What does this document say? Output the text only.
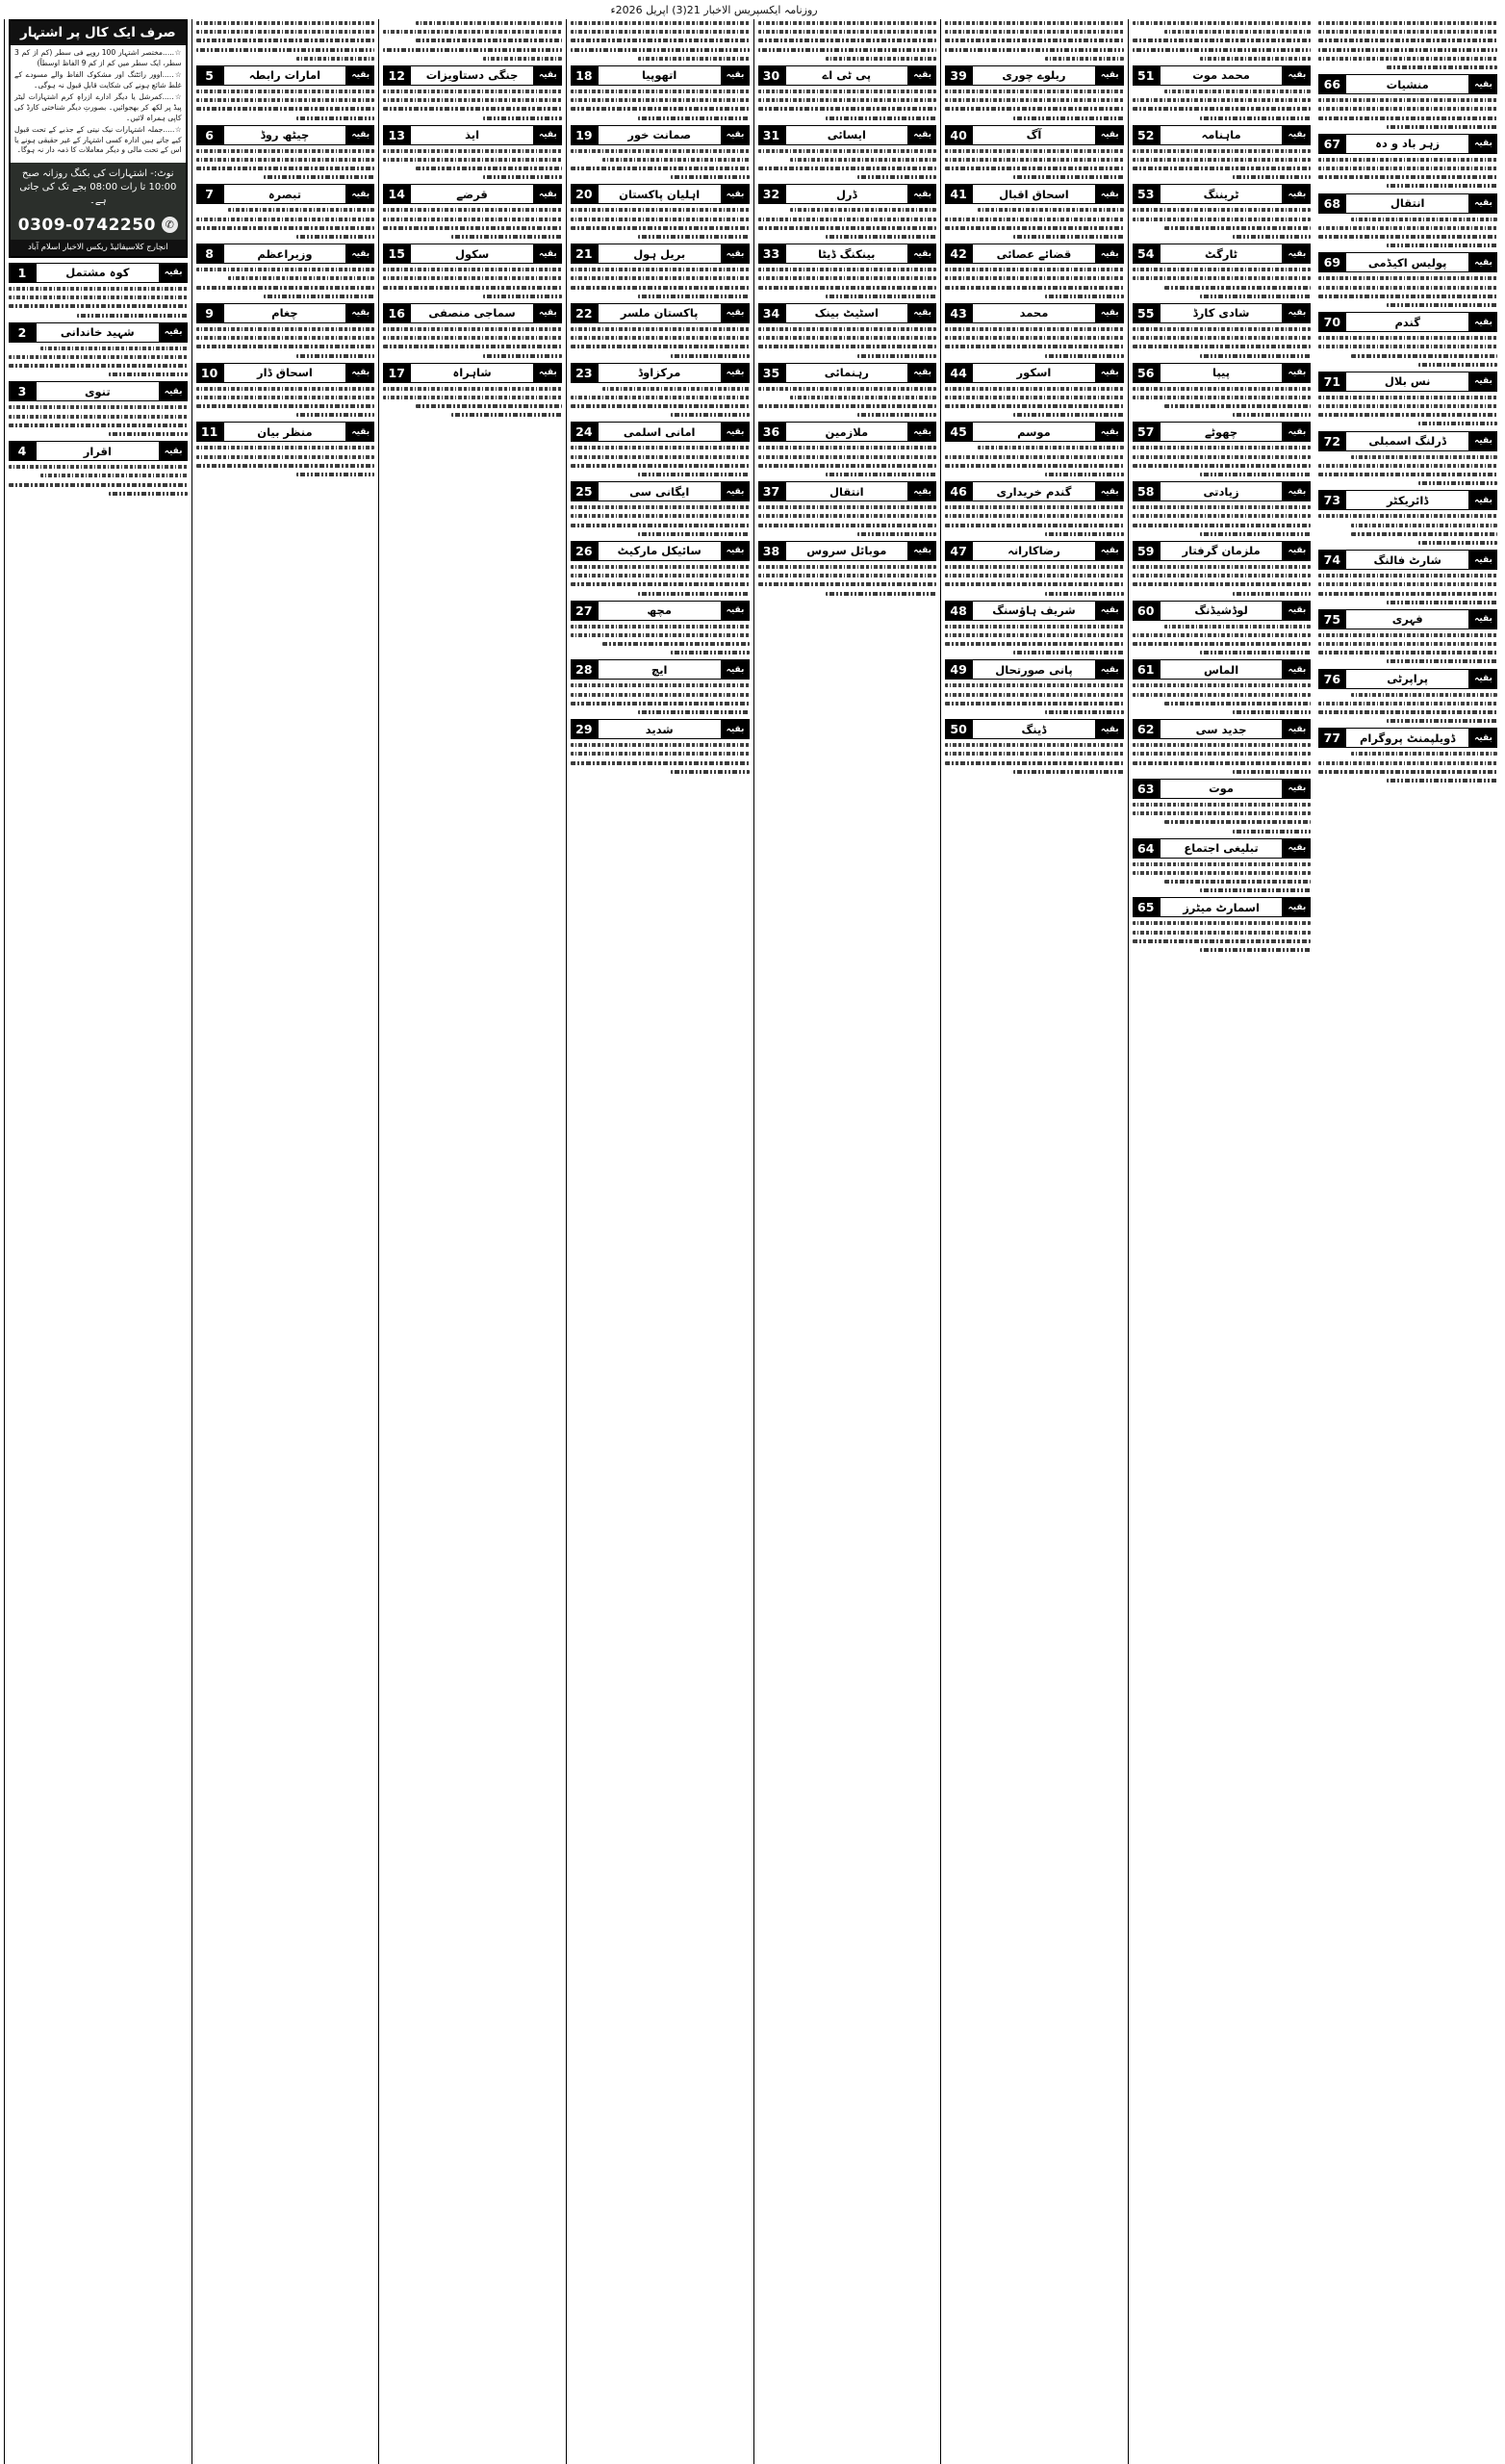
روزنامہ ایکسپریس الاخبار 21(3) اپریل 2026ء
صرف ایک کال پر اشتہار
☆.....مختصر اشتہار 100 روپے فی سطر (کم از کم 3 سطر، ایک سطر میں کم از کم 9 الفاظ اوسطاً)
☆.....اوور رائٹنگ اور مشکوک الفاظ والے مسودے کے غلط شائع ہونے کی شکایت قابلِ قبول نہ ہوگی۔
☆.....کمرشل یا دیگر ادارے ازراہِ کرم اشتہارات لیٹر پیڈ پر لکھ کر بھجوائیں۔ بصورتِ دیگر شناختی کارڈ کی کاپی ہمراہ لائیں۔
☆.....جملہ اشتہارات نیک نیتی کے جذبے کے تحت قبول کیے جاتے ہیں ادارہ کسی اشتہار کے غیر حقیقی ہونے یا اس کے تحت مالی و دیگر معاملات کا ذمہ دار نہ ہوگا۔
نوٹ:- اشتہارات کی بکنگ روزانہ صبح 10:00 تا رات 08:00 بجے تک کی جاتی ہے۔
✆
0309-0742250
انچارج کلاسیفائیڈ ریکس الاخبار اسلام آباد
بقیہ
کوہ مشتمل
1
بقیہ
شہید خاندانی
2
بقیہ
تنوی
3
بقیہ
اقرار
4
بقیہ
امارات رابطہ
5
بقیہ
چیٹھ روڈ
6
بقیہ
تبصرہ
7
بقیہ
وزیراعظم
8
بقیہ
چغام
9
بقیہ
اسحاق ڈار
10
بقیہ
منظر بیان
11
بقیہ
جنگی دستاویزات
12
بقیہ
ایذ
13
بقیہ
قرضے
14
بقیہ
سکول
15
بقیہ
سماجی منصفی
16
بقیہ
شاہراہ
17
بقیہ
اتھوپیا
18
بقیہ
صمانت خور
19
بقیہ
اہلیان پاکستان
20
بقیہ
بریل ہول
21
بقیہ
پاکستان ملسر
22
بقیہ
مرکزاوڈ
23
بقیہ
امانی اسلمی
24
بقیہ
ایگانی سی
25
بقیہ
سائیکل مارکیٹ
26
بقیہ
مچھ
27
بقیہ
ایچ
28
بقیہ
شدید
29
بقیہ
پی ٹی اے
30
بقیہ
ایسائی
31
بقیہ
ڈرل
32
بقیہ
بینکنگ ڈیٹا
33
بقیہ
اسٹیٹ بینک
34
بقیہ
رہنمائی
35
بقیہ
ملازمین
36
بقیہ
انتقال
37
بقیہ
موبائل سروس
38
بقیہ
ریلوے چوری
39
بقیہ
آگ
40
بقیہ
اسحاق اقبال
41
بقیہ
قضائے عصائی
42
بقیہ
محمد
43
بقیہ
اسکور
44
بقیہ
موسم
45
بقیہ
گندم خریداری
46
بقیہ
رضاکارانہ
47
بقیہ
شریف ہاؤسنگ
48
بقیہ
پانی صورتحال
49
بقیہ
ڈینگ
50
بقیہ
محمد موت
51
بقیہ
ماہنامہ
52
بقیہ
ٹریننگ
53
بقیہ
ٹارگٹ
54
بقیہ
شادی کارڈ
55
بقیہ
پیپا
56
بقیہ
چھوٹے
57
بقیہ
زیادتی
58
بقیہ
ملزمان گرفتار
59
بقیہ
لوڈشیڈنگ
60
بقیہ
الماس
61
بقیہ
جدید سی
62
بقیہ
موت
63
بقیہ
تبلیغی اجتماع
64
بقیہ
اسمارٹ میٹرز
65
بقیہ
منشیات
66
بقیہ
زہر باد و دہ
67
بقیہ
انتقال
68
بقیہ
پولیس اکیڈمی
69
بقیہ
گندم
70
بقیہ
نس بلال
71
بقیہ
ڈرلنگ اسمبلی
72
بقیہ
ڈائریکٹر
73
بقیہ
شارٹ فالنگ
74
بقیہ
فہری
75
بقیہ
پراپرٹی
76
بقیہ
ڈویلپمنٹ پروگرام
77
